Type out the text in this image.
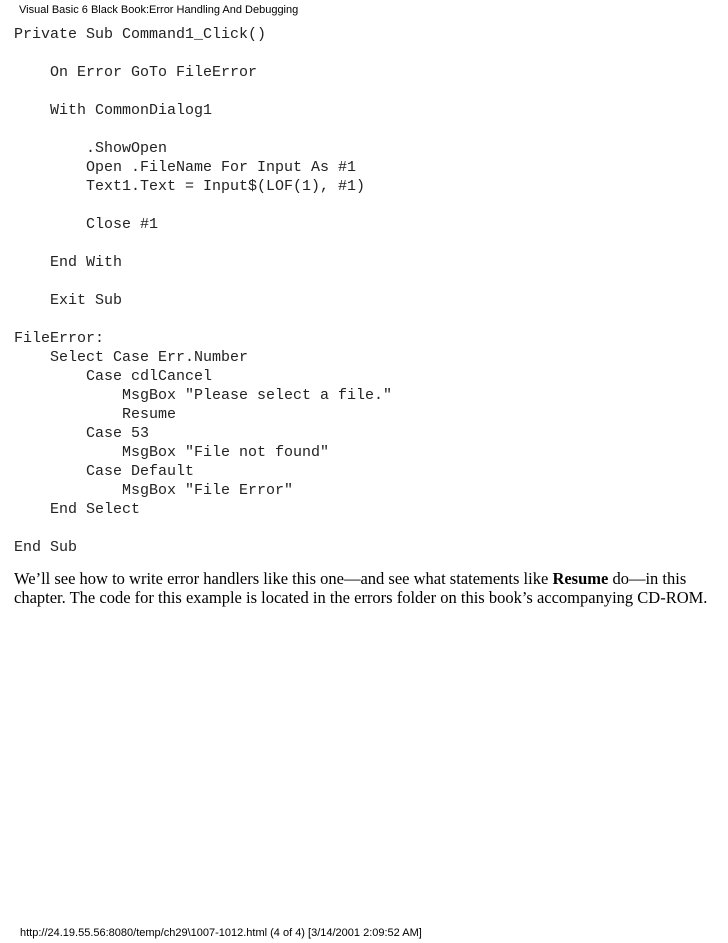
Visual Basic 6 Black Book:Error Handling And Debugging
Private Sub Command1_Click()
On Error GoTo FileError
With CommonDialog1
.ShowOpen
Open .FileName For Input As #1
Text1.Text = Input$(LOF(1), #1)
Close #1
End With
Exit Sub
FileError:
Select Case Err.Number
Case cdlCancel
MsgBox "Please select a file."
Resume
Case 53
MsgBox "File not found"
Case Default
MsgBox "File Error"
End Select
End Sub

We’ll see how to write error handlers like this one—and see what statements like Resume do—in this chapter. The code for this example is located in the errors folder on this book’s accompanying CD-ROM.

http://24.19.55.56:8080/temp/ch29\1007-1012.html (4 of 4) [3/14/2001 2:09:52 AM]
